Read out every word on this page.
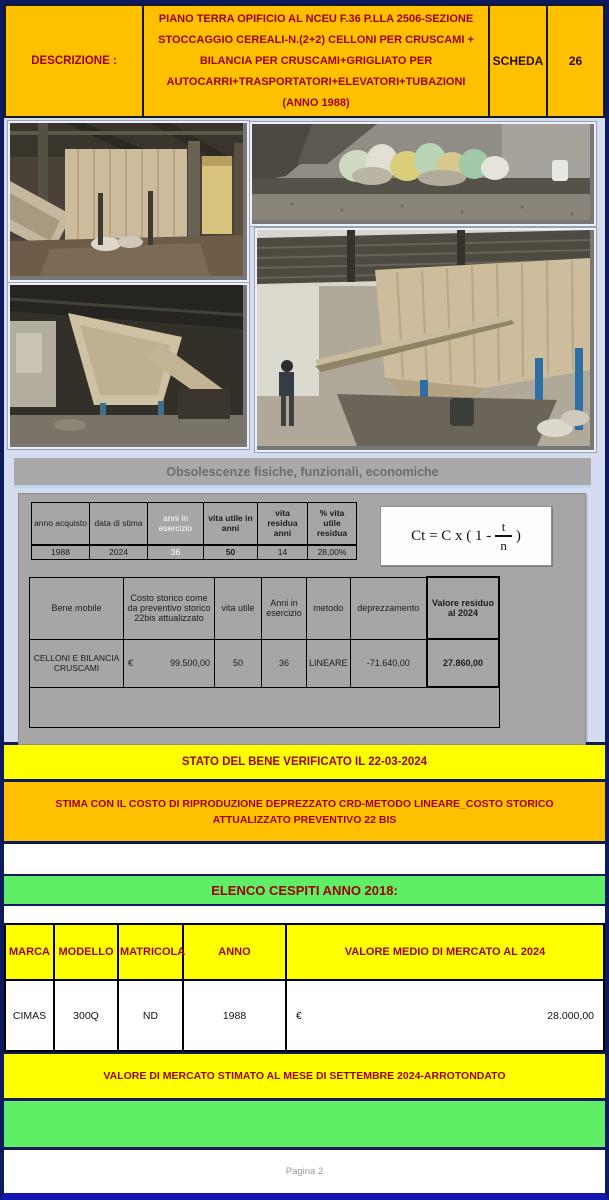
DESCRIZIONE :
PIANO TERRA OPIFICIO AL NCEU F.36 P.LLA 2506-SEZIONE STOCCAGGIO CEREALI-N.(2+2) CELLONI PER CRUSCAMI + BILANCIA PER CRUSCAMI+GRIGLIATO PER AUTOCARRI+TRASPORTATORI+ELEVATORI+TUBAZIONI (ANNO 1988)
SCHEDA	26
Obsolescenze fisiche, funzionali, economiche
anno acquisto	data di stima	anni in esercizio	vita utile in anni	vita residua anni	% vita utile residua
1988	2024	36	50	14	28,00%
Ct = C x ( $1 - \frac{t}{n}$ )
Bene mobile	Costo storico come da preventivo storico 22bis attualizzato	vita utile	Anni in esercizio	metodo	deprezzamento	Valore residuo al 2024
CELLONI E BILANCIA CRUSCAMI	€ 99.500,00	50	36	LINEARE	-71.640,00	27.860,00

STATO DEL BENE VERIFICATO IL 22-03-2024
STIMA CON IL COSTO DI RIPRODUZIONE DEPREZZATO CRD-METODO LINEARE_COSTO STORICO ATTUALIZZATO PREVENTIVO 22 BIS
ELENCO CESPITI ANNO 2018:
MARCA	MODELLO	MATRICOLA	ANNO	VALORE MEDIO DI MERCATO AL 2024
CIMAS	300Q	ND	1988	€ 28.000,00
VALORE DI MERCATO STIMATO AL MESE DI SETTEMBRE 2024-ARROTONDATO
Pagina 2
